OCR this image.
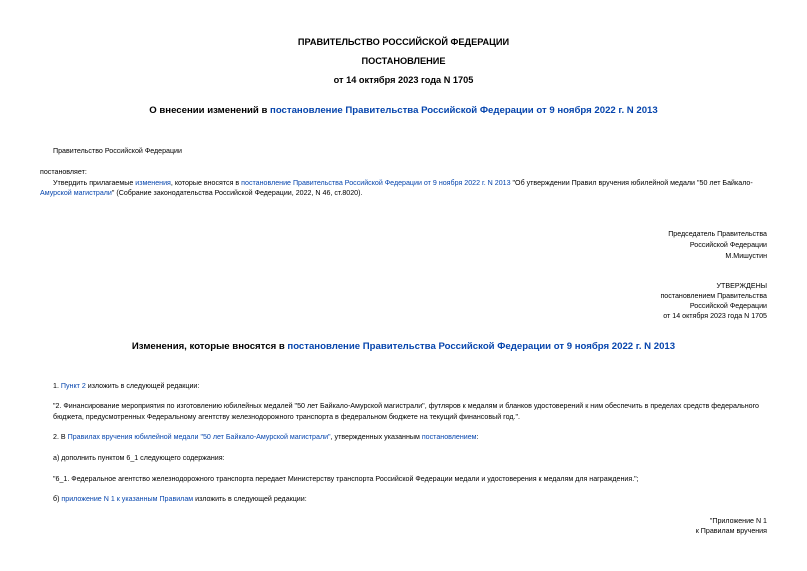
ПРАВИТЕЛЬСТВО РОССИЙСКОЙ ФЕДЕРАЦИИ
ПОСТАНОВЛЕНИЕ
от 14 октября 2023 года N 1705
О внесении изменений в постановление Правительства Российской Федерации от 9 ноября 2022 г. N 2013
Правительство Российской Федерации
постановляет:
Утвердить прилагаемые изменения, которые вносятся в постановление Правительства Российской Федерации от 9 ноября 2022 г. N 2013 "Об утверждении Правил вручения юбилейной медали "50 лет Байкало-
Амурской магистрали" (Собрание законодательства Российской Федерации, 2022, N 46, ст.8020).
Председатель Правительства
Российской Федерации
М.Мишустин
УТВЕРЖДЕНЫ
постановлением Правительства
Российской Федерации
от 14 октября 2023 года N 1705
Изменения, которые вносятся в постановление Правительства Российской Федерации от 9 ноября 2022 г. N 2013
1. Пункт 2 изложить в следующей редакции:
"2. Финансирование мероприятия по изготовлению юбилейных медалей "50 лет Байкало-Амурской магистрали", футляров к медалям и бланков удостоверений к ним обеспечить в пределах средств федерального бюджета, предусмотренных Федеральному агентству железнодорожного транспорта в федеральном бюджете на текущий финансовый год.".
2. В Правилах вручения юбилейной медали "50 лет Байкало-Амурской магистрали", утвержденных указанным постановлением:
а) дополнить пунктом 6_1 следующего содержания:
"6_1. Федеральное агентство железнодорожного транспорта передает Министерству транспорта Российской Федерации медали и удостоверения к медалям для награждения.";
б) приложение N 1 к указанным Правилам изложить в следующей редакции:
"Приложение N 1
к Правилам вручения
